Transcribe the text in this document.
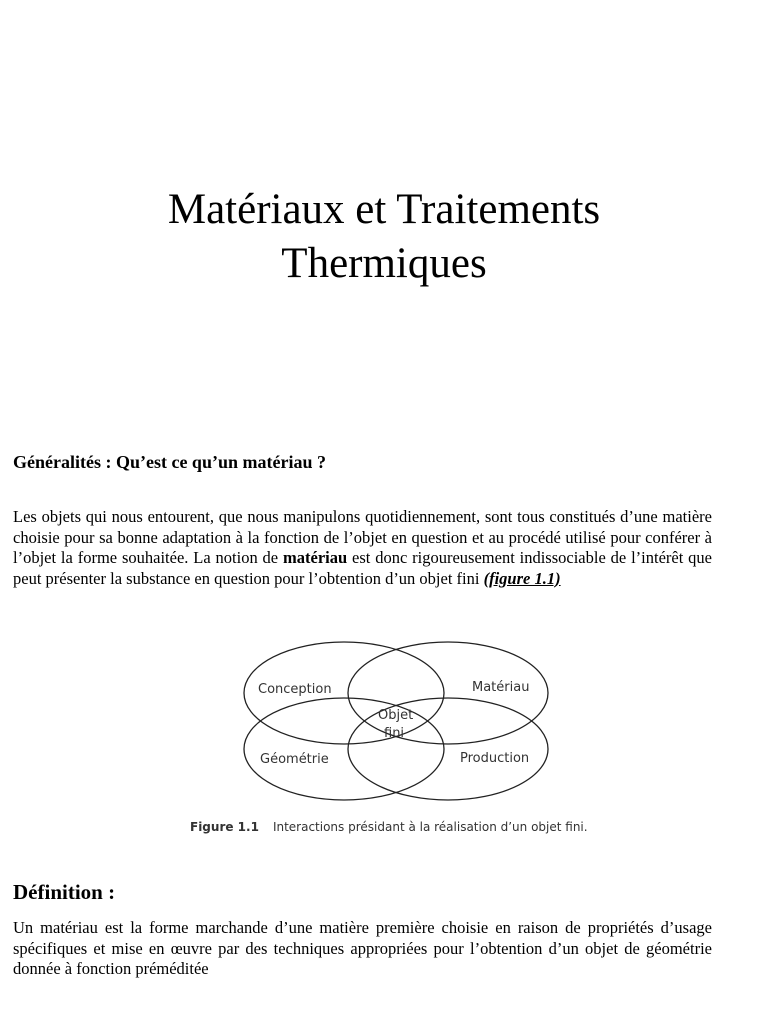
Matériaux et Traitements
Thermiques
Généralités : Qu’est ce qu’un matériau ?
Les objets qui nous entourent, que nous manipulons quotidiennement, sont tous constitués d’une matière choisie pour sa bonne adaptation à la fonction de l’objet en question et au procédé utilisé pour conférer à l’objet la forme souhaitée. La notion de matériau est donc rigoureusement indissociable de l’intérêt que peut présenter la substance en question pour l’obtention d’un objet fini (figure 1.1)
Conception	Matériau
Géométrie	Production
Objet
fini
Figure 1.1 Interactions présidant à la réalisation d’un objet fini.
Définition :
Un matériau est la forme marchande d’une matière première choisie en raison de propriétés d’usage spécifiques et mise en œuvre par des techniques appropriées pour l’obtention d’un objet de géométrie donnée à fonction préméditée
